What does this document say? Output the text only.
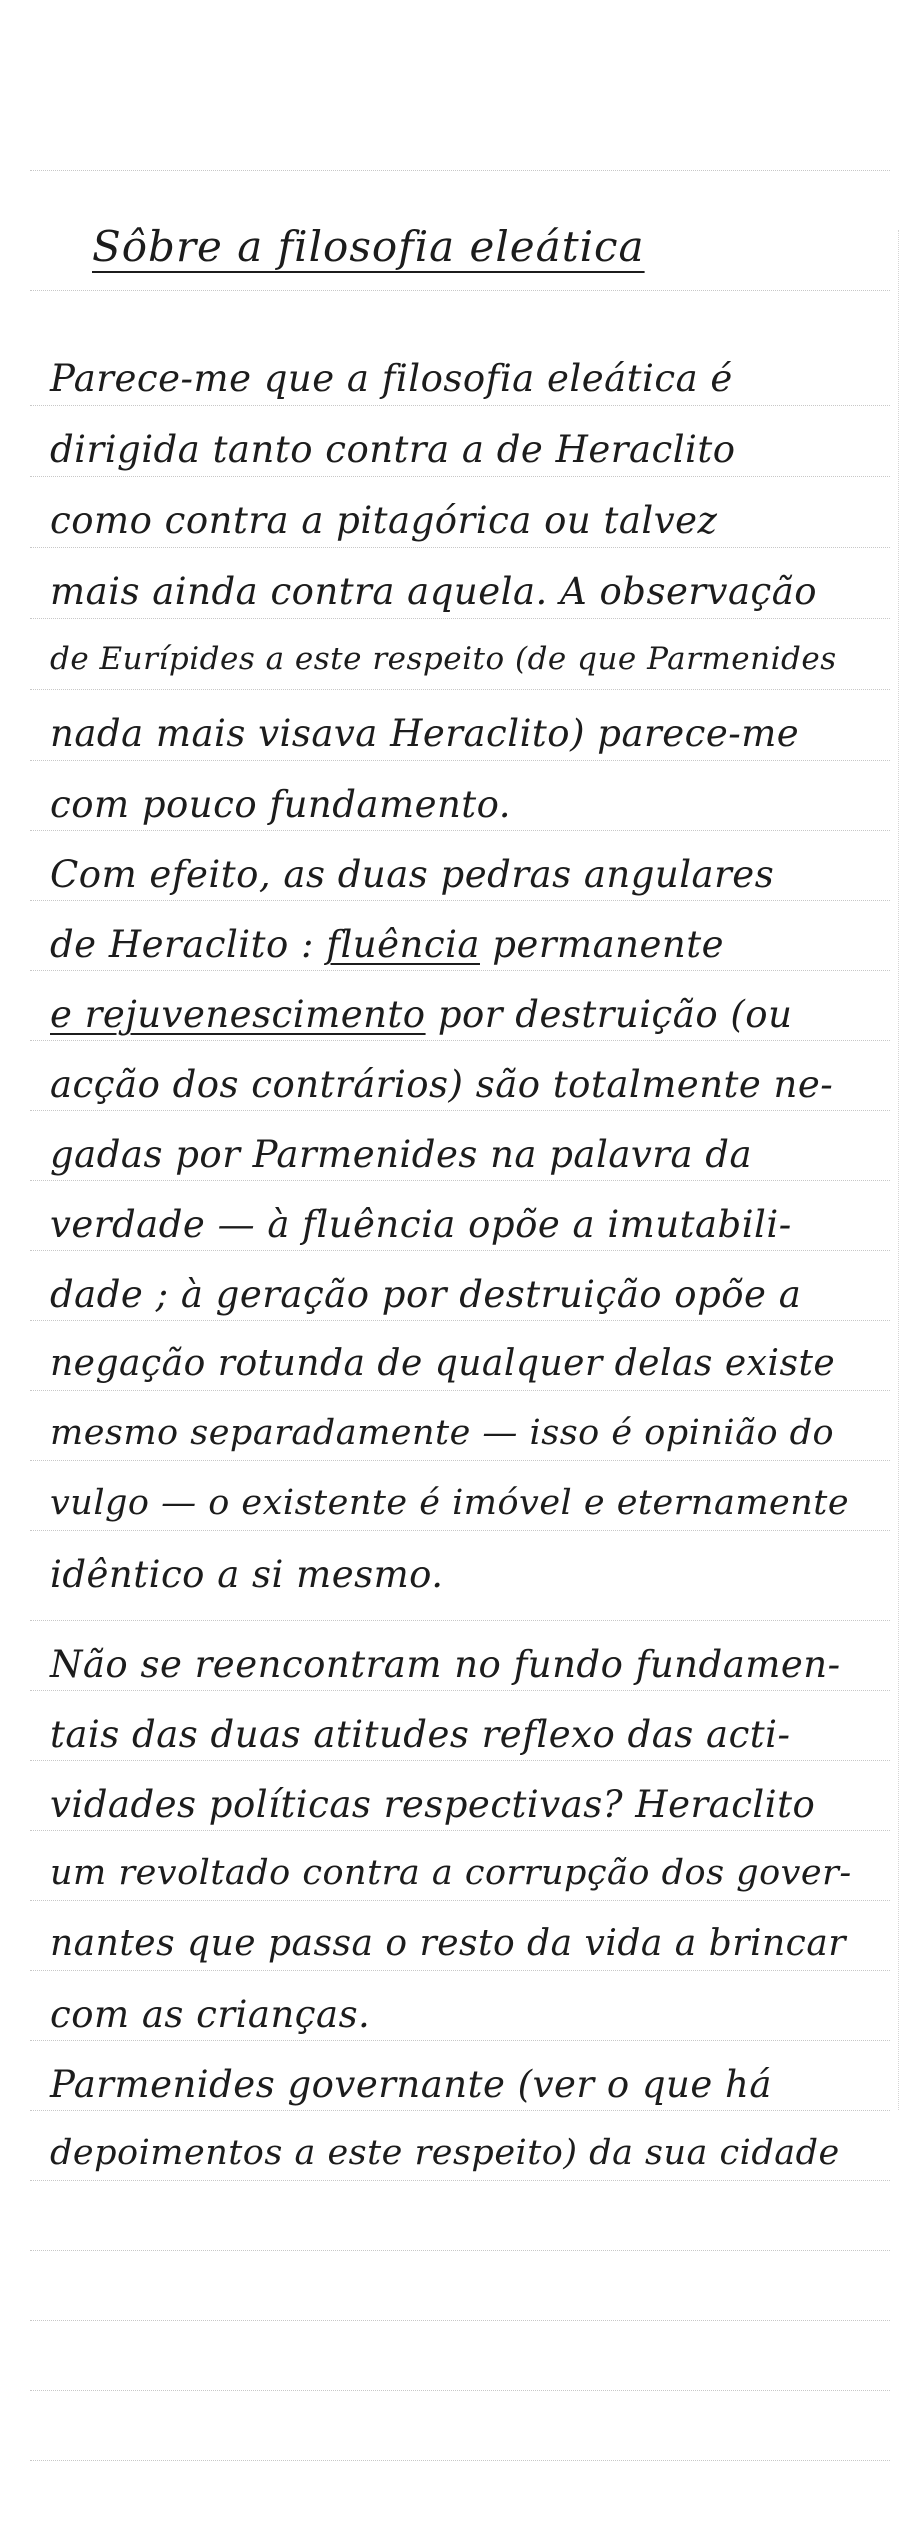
Sôbre a filosofia eleática
Parece-me que a filosofia eleática é
dirigida tanto contra a de Heraclito
como contra a pitagórica ou talvez
mais ainda contra aquela. A observação
de Eurípides a este respeito (de que Parmenides
nada mais visava Heraclito) parece-me
com pouco fundamento.
Com efeito, as duas pedras angulares
de Heraclito : fluência permanente
e rejuvenescimento por destruição (ou
acção dos contrários) são totalmente ne-
gadas por Parmenides na palavra da
verdade — à fluência opõe a imutabili-
dade ; à geração por destruição opõe a
negação rotunda de qualquer delas existe
mesmo separadamente — isso é opinião do
vulgo — o existente é imóvel e eternamente
idêntico a si mesmo.
Não se reencontram no fundo fundamen-
tais das duas atitudes reflexo das acti-
vidades políticas respectivas? Heraclito
um revoltado contra a corrupção dos gover-
nantes que passa o resto da vida a brincar
com as crianças.
Parmenides governante (ver o que há
depoimentos a este respeito) da sua cidade
